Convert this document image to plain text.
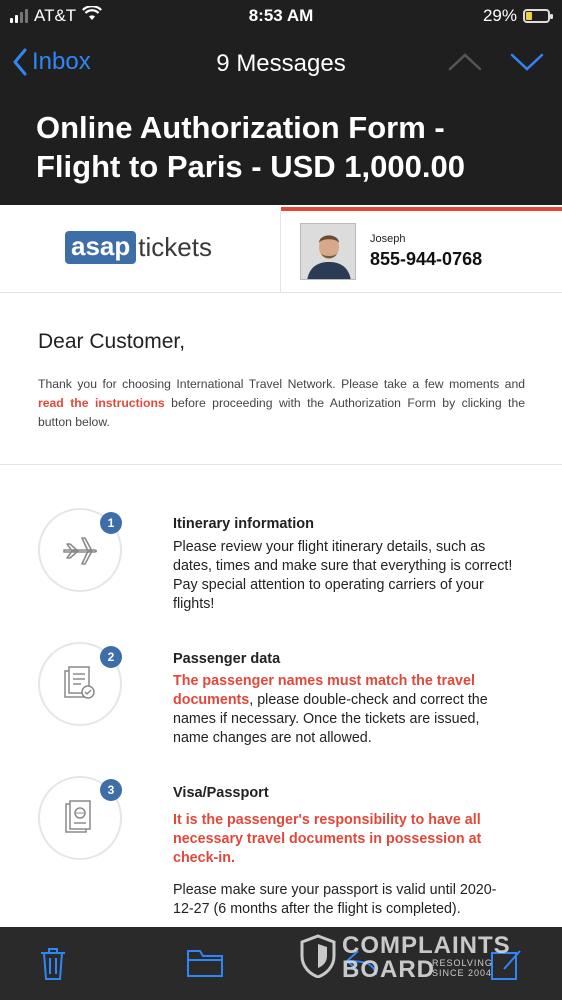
AT&T	8:53 AM	29%
Inbox	9 Messages
Online Authorization Form - Flight to Paris - USD 1,000.00
asap tickets	Joseph
855-944-0768
Dear Customer,
Thank you for choosing International Travel Network. Please take a few moments and read the instructions before proceeding with the Authorization Form by clicking the button below.
1	Itinerary information
Please review your flight itinerary details, such as dates, times and make sure that everything is correct! Pay special attention to operating carriers of your flights!
2	Passenger data
The passenger names must match the travel documents, please double-check and correct the names if necessary. Once the tickets are issued, name changes are not allowed.
3	Visa/Passport
It is the passenger's responsibility to have all necessary travel documents in possession at check-in.
Please make sure your passport is valid until 2020-12-27 (6 months after the flight is completed).
COMPLAINTS
BOARD
RESOLVING SINCE 2004
